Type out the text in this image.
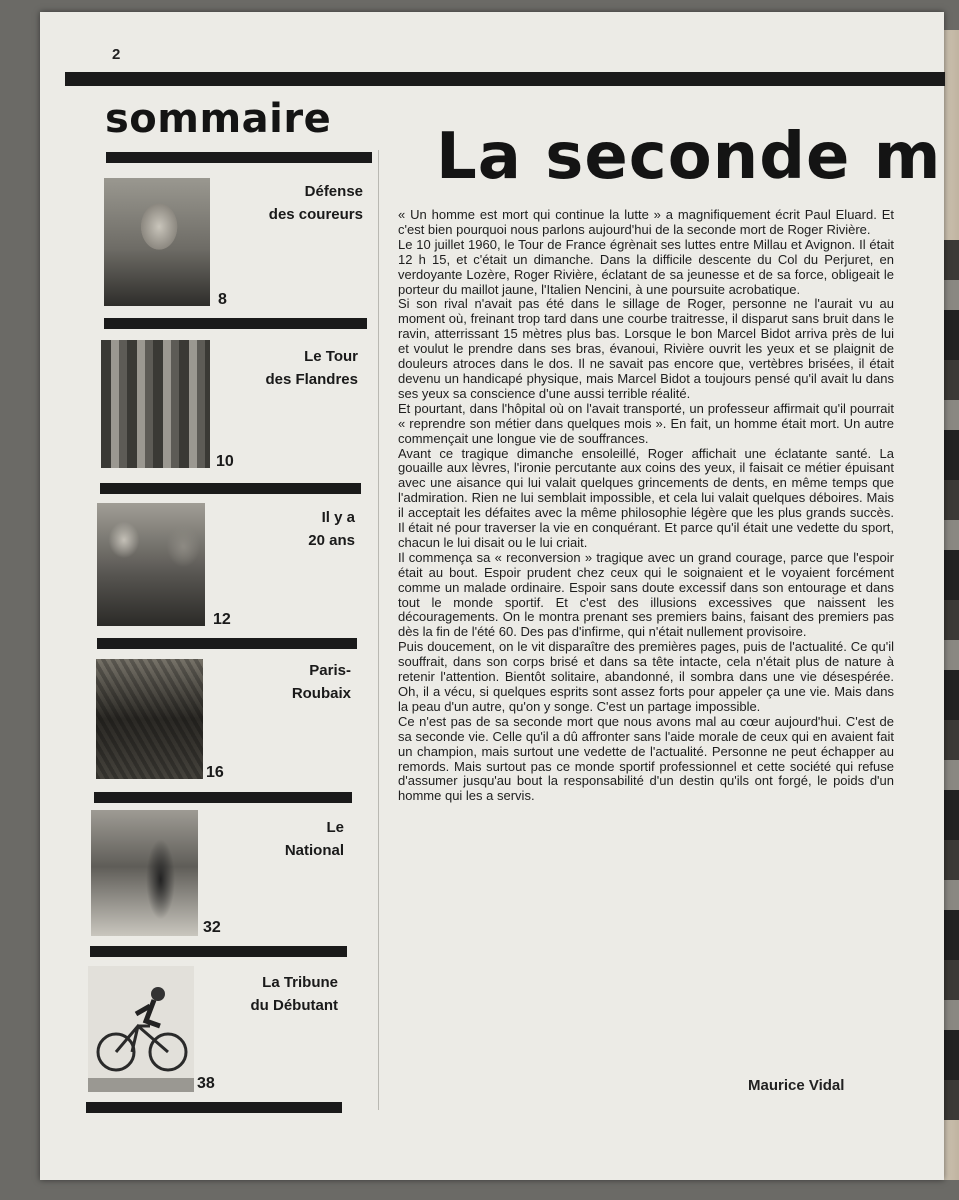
2
sommaire
Défense
des coureurs
8
Le Tour
des Flandres
10
Il y a
20 ans
12
Paris-
Roubaix
16
Le
National
32
La Tribune
du Débutant
38
La seconde m

« Un homme est mort qui continue la lutte » a magnifiquement écrit Paul Eluard. Et c'est bien pourquoi nous parlons aujourd'hui de la seconde mort de Roger Rivière.

Le 10 juillet 1960, le Tour de France égrènait ses luttes entre Millau et Avignon. Il était 12 h 15, et c'était un dimanche. Dans la difficile descente du Col du Perjuret, en verdoyante Lozère, Roger Rivière, éclatant de sa jeunesse et de sa force, obligeait le porteur du maillot jaune, l'Italien Nencini, à une poursuite acrobatique.

Si son rival n'avait pas été dans le sillage de Roger, personne ne l'aurait vu au moment où, freinant trop tard dans une courbe traitresse, il disparut sans bruit dans le ravin, atterrissant 15 mètres plus bas. Lorsque le bon Marcel Bidot arriva près de lui et voulut le prendre dans ses bras, évanoui, Rivière ouvrit les yeux et se plaignit de douleurs atroces dans le dos. Il ne savait pas encore que, vertèbres brisées, il était devenu un handicapé physique, mais Marcel Bidot a toujours pensé qu'il avait lu dans ses yeux sa conscience d'une aussi terrible réalité.

Et pourtant, dans l'hôpital où on l'avait transporté, un professeur affirmait qu'il pourrait « reprendre son métier dans quelques mois ». En fait, un homme était mort. Un autre commençait une longue vie de souffrances.

Avant ce tragique dimanche ensoleillé, Roger affichait une éclatante santé. La gouaille aux lèvres, l'ironie percutante aux coins des yeux, il faisait ce métier épuisant avec une aisance qui lui valait quelques grincements de dents, en même temps que l'admiration. Rien ne lui semblait impossible, et cela lui valait quelques déboires. Mais il acceptait les défaites avec la même philosophie légère que les plus grands succès. Il était né pour traverser la vie en conquérant. Et parce qu'il était une vedette du sport, chacun le lui disait ou le lui criait.

Il commença sa « reconversion » tragique avec un grand courage, parce que l'espoir était au bout. Espoir prudent chez ceux qui le soignaient et le voyaient forcément comme un malade ordinaire. Espoir sans doute excessif dans son entourage et dans tout le monde sportif. Et c'est des illusions excessives que naissent les découragements. On le montra prenant ses premiers bains, faisant des premiers pas dès la fin de l'été 60. Des pas d'infirme, qui n'était nullement provisoire.

Puis doucement, on le vit disparaître des premières pages, puis de l'actualité. Ce qu'il souffrait, dans son corps brisé et dans sa tête intacte, cela n'était plus de nature à retenir l'attention. Bientôt solitaire, abandonné, il sombra dans une vie désespérée. Oh, il a vécu, si quelques esprits sont assez forts pour appeler ça une vie. Mais dans la peau d'un autre, qu'on y songe. C'est un partage impossible.

Ce n'est pas de sa seconde mort que nous avons mal au cœur aujourd'hui. C'est de sa seconde vie. Celle qu'il a dû affronter sans l'aide morale de ceux qui en avaient fait un champion, mais surtout une vedette de l'actualité. Personne ne peut échapper au remords. Mais surtout pas ce monde sportif professionnel et cette société qui refuse d'assumer jusqu'au bout la responsabilité d'un destin qu'ils ont forgé, le poids d'un homme qui les a servis.

Maurice Vidal
